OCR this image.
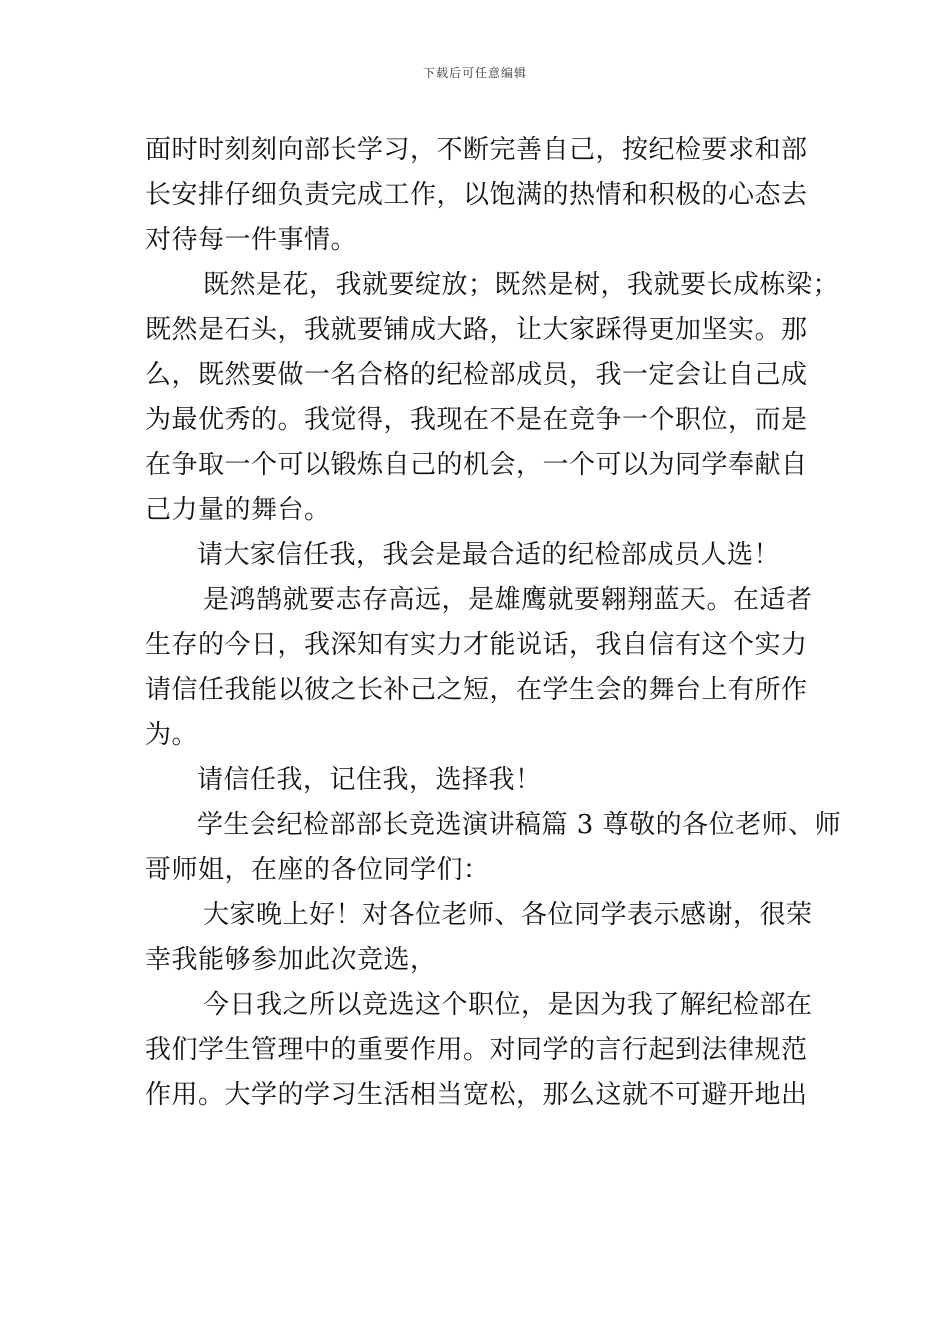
下载后可任意编辑
面时时刻刻向部长学习，不断完善自己，按纪检要求和部
长安排仔细负责完成工作，以饱满的热情和积极的心态去
对待每一件事情。
既然是花，我就要绽放；既然是树，我就要长成栋梁；
既然是石头，我就要铺成大路，让大家踩得更加坚实。那
么，既然要做一名合格的纪检部成员，我一定会让自己成
为最优秀的。我觉得，我现在不是在竞争一个职位，而是
在争取一个可以锻炼自己的机会，一个可以为同学奉献自
己力量的舞台。
请大家信任我，我会是最合适的纪检部成员人选！
是鸿鹄就要志存高远，是雄鹰就要翱翔蓝天。在适者
生存的今日，我深知有实力才能说话，我自信有这个实力
请信任我能以彼之长补己之短，在学生会的舞台上有所作
为。
请信任我，记住我，选择我！
学生会纪检部部长竞选演讲稿篇 3 尊敬的各位老师、师
哥师姐，在座的各位同学们：
大家晚上好！对各位老师、各位同学表示感谢，很荣
幸我能够参加此次竞选，
今日我之所以竞选这个职位，是因为我了解纪检部在
我们学生管理中的重要作用。对同学的言行起到法律规范
作用。大学的学习生活相当宽松，那么这就不可避开地出
